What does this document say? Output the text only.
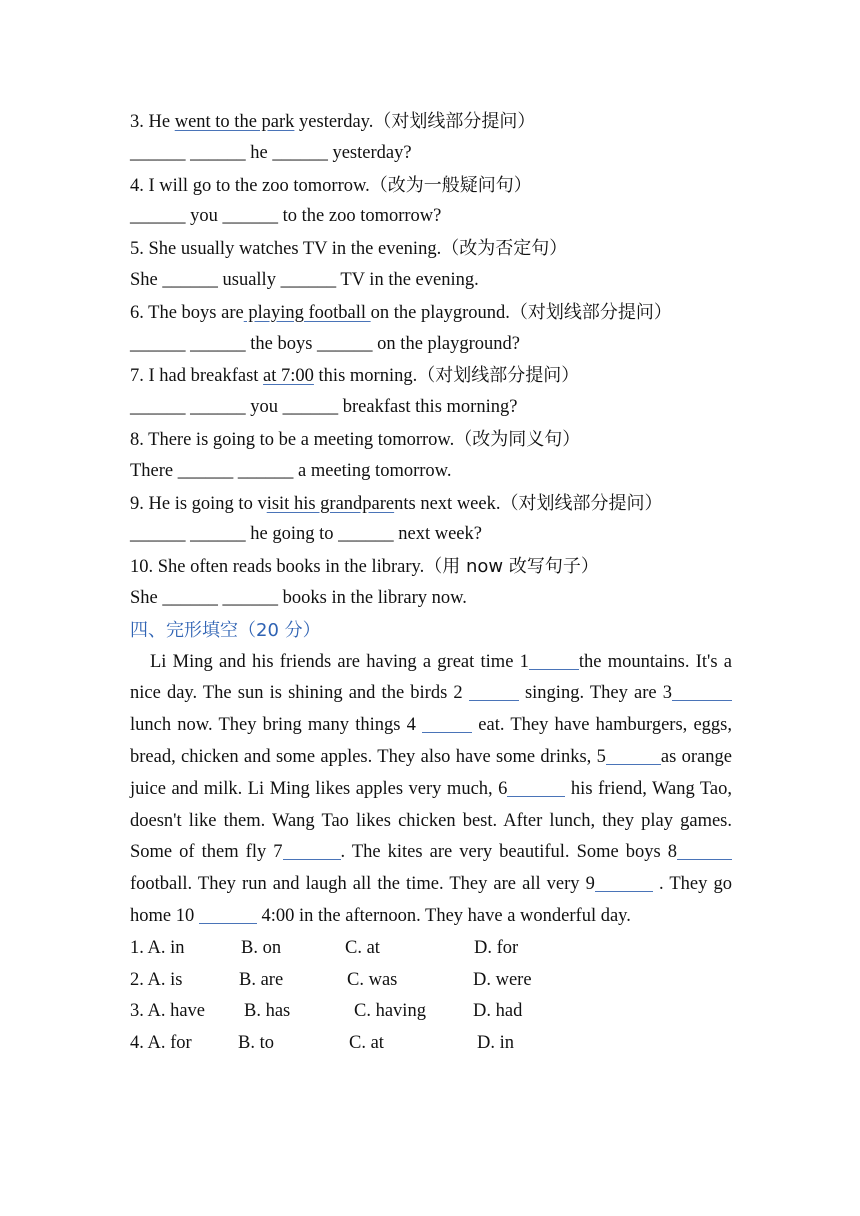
3. He went to the park yesterday.（对划线部分提问）
______ ______ he ______ yesterday?
4. I will go to the zoo tomorrow.（改为一般疑问句）
______ you ______ to the zoo tomorrow?
5. She usually watches TV in the evening.（改为否定句）
She ______ usually ______ TV in the evening.
6. The boys are playing football on the playground.（对划线部分提问）
______ ______ the boys ______ on the playground?
7. I had breakfast at 7:00 this morning.（对划线部分提问）
______ ______ you ______ breakfast this morning?
8. There is going to be a meeting tomorrow.（改为同义句）
There ______ ______ a meeting tomorrow.
9. He is going to visit his grandparents next week.（对划线部分提问）
______ ______ he going to ______ next week?
10. She often reads books in the library.（用 now 改写句子）
She ______ ______ books in the library now.
四、完形填空（20 分）
Li Ming and his friends are having a great time 1	the mountains. It's a nice day. The sun is shining and the birds 2	singing. They are 3 lunch now. They bring many things 4	eat. They have hamburgers, eggs, bread, chicken and some apples. They also have some drinks, 5	as orange juice and milk. Li Ming likes apples very much, 6	his friend, Wang Tao, doesn't like them. Wang Tao likes chicken best. After lunch, they play games. Some of them fly 7	. The kites are very beautiful. Some boys 8football. They run and laugh all the time. They are all very 9	. They go home 10	4:00 in the afternoon. They have a wonderful day.
1. A. in	B. on	C. at	D. for
2. A. is	B. are	C. was	D. were
3. A. have B. has	C. having	D. had
4. A. for	B. to	C. at	D. in
